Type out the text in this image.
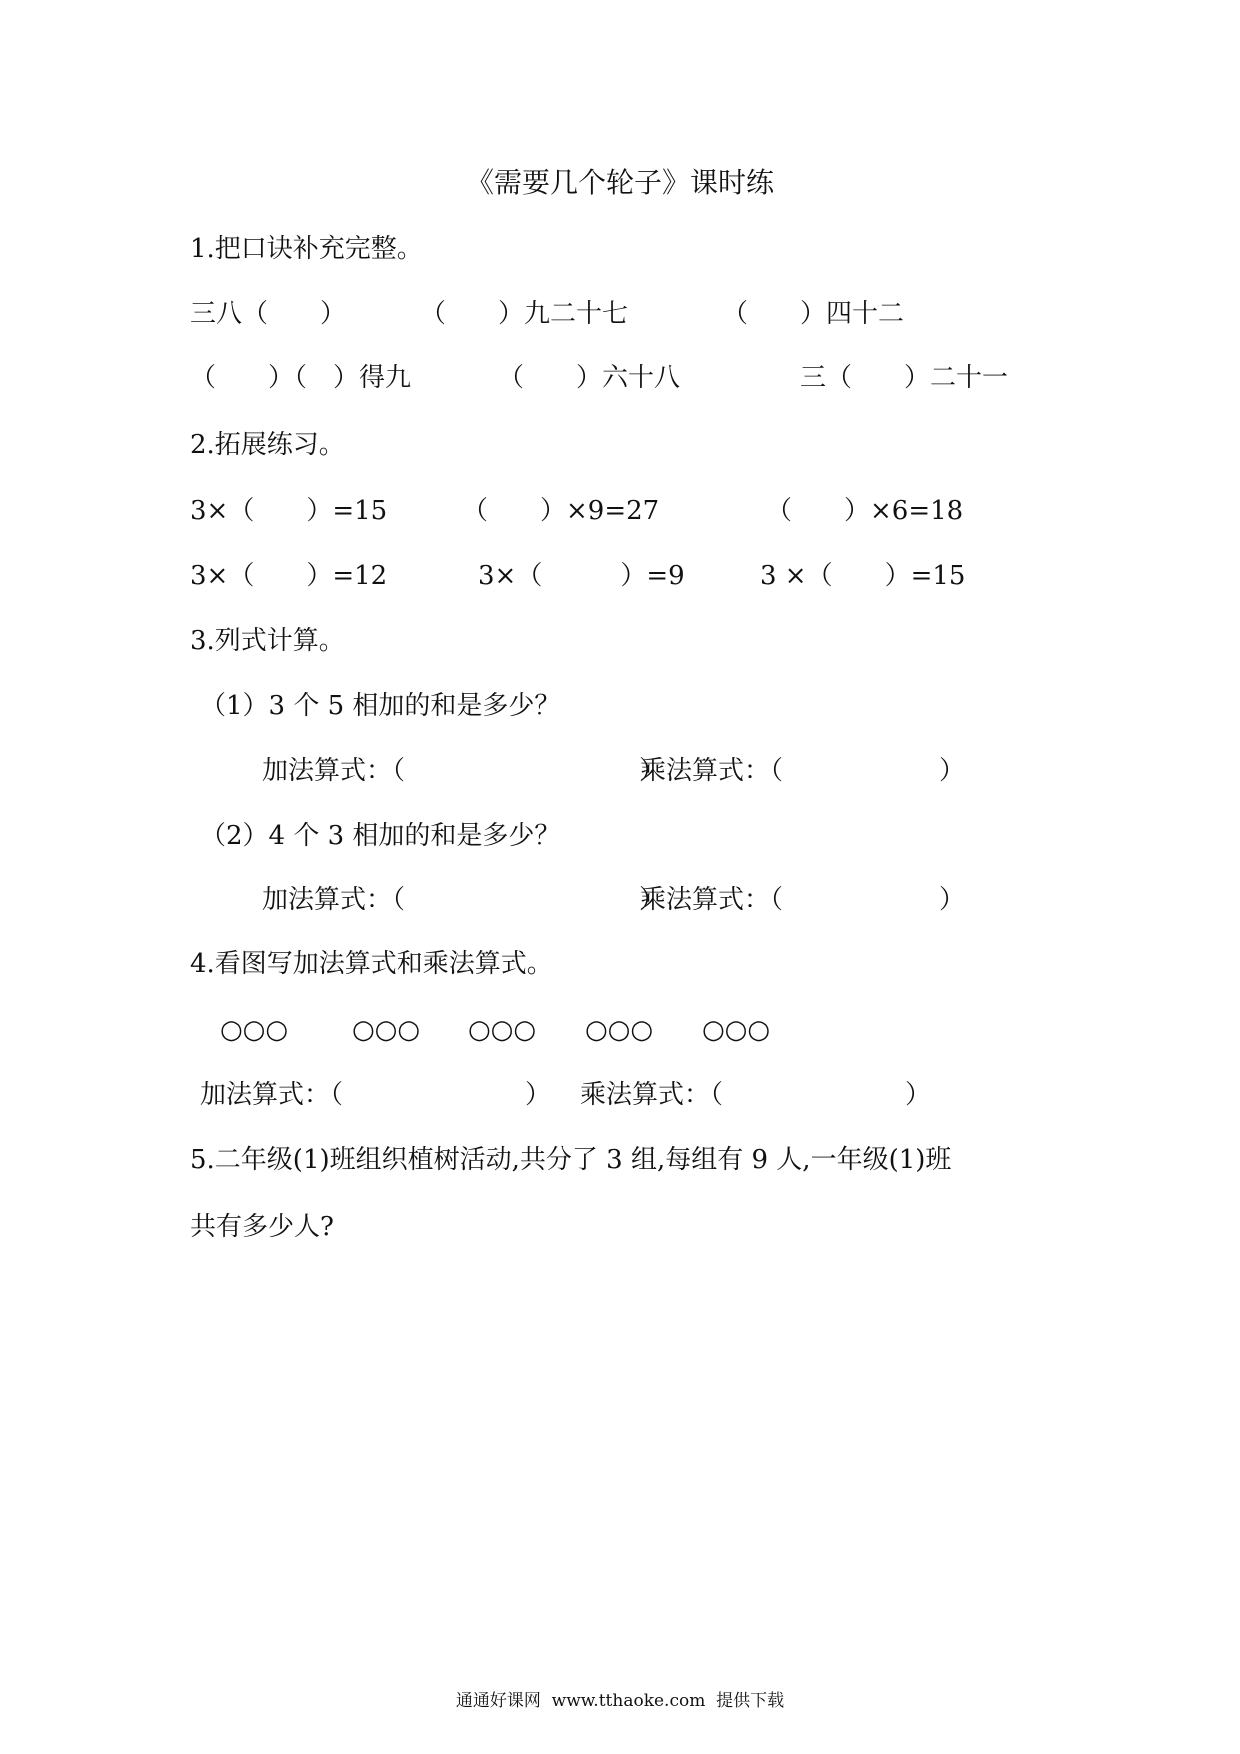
《需要几个轮子》课时练
1.把口诀补充完整。
三八（　　）	（　　）九二十七	（　　）四十二
（　　）（　）得九	（　　）六十八	三（　　）二十一
2.拓展练习。
3×（　　）=15	（　　）×9=27	（　　）×6=18
3×（　　）=12	3×（　　　）=9	3 ×（　　）=15
3.列式计算。
（1）3 个 5 相加的和是多少？
加法算式：（　　　　　　　　　）
乘法算式：（　　　　　　）
（2）4 个 3 相加的和是多少？
加法算式：（　　　　　　　　　）
乘法算式：（　　　　　　）
4.看图写加法算式和乘法算式。
○○○ ○○○ ○○○ ○○○ ○○○
加法算式：（　　　　　　　） 乘法算式：（　　　　　　　）
5.二年级(1)班组织植树活动,共分了 3 组,每组有 9 人,一年级(1)班
共有多少人?
通通好课网  www.tthaoke.com  提供下载
